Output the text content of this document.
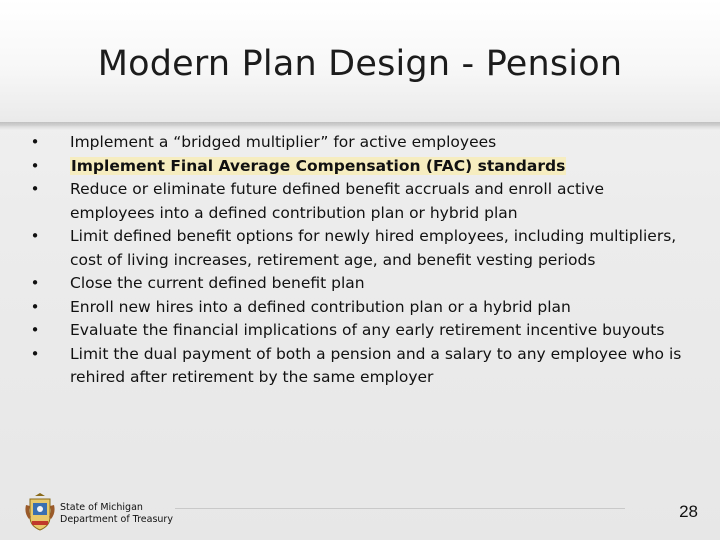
Modern Plan Design - Pension
• Implement a “bridged multiplier” for active employees
• Implement Final Average Compensation (FAC) standards
• Reduce or eliminate future defined benefit accruals and enroll active employees into a defined contribution plan or hybrid plan
• Limit defined benefit options for newly hired employees, including multipliers, cost of living increases, retirement age, and benefit vesting periods
• Close the current defined benefit plan
• Enroll new hires into a defined contribution plan or a hybrid plan
• Evaluate the financial implications of any early retirement incentive buyouts
• Limit the dual payment of both a pension and a salary to any employee who is rehired after retirement by the same employer
State of Michigan
Department of Treasury	28
